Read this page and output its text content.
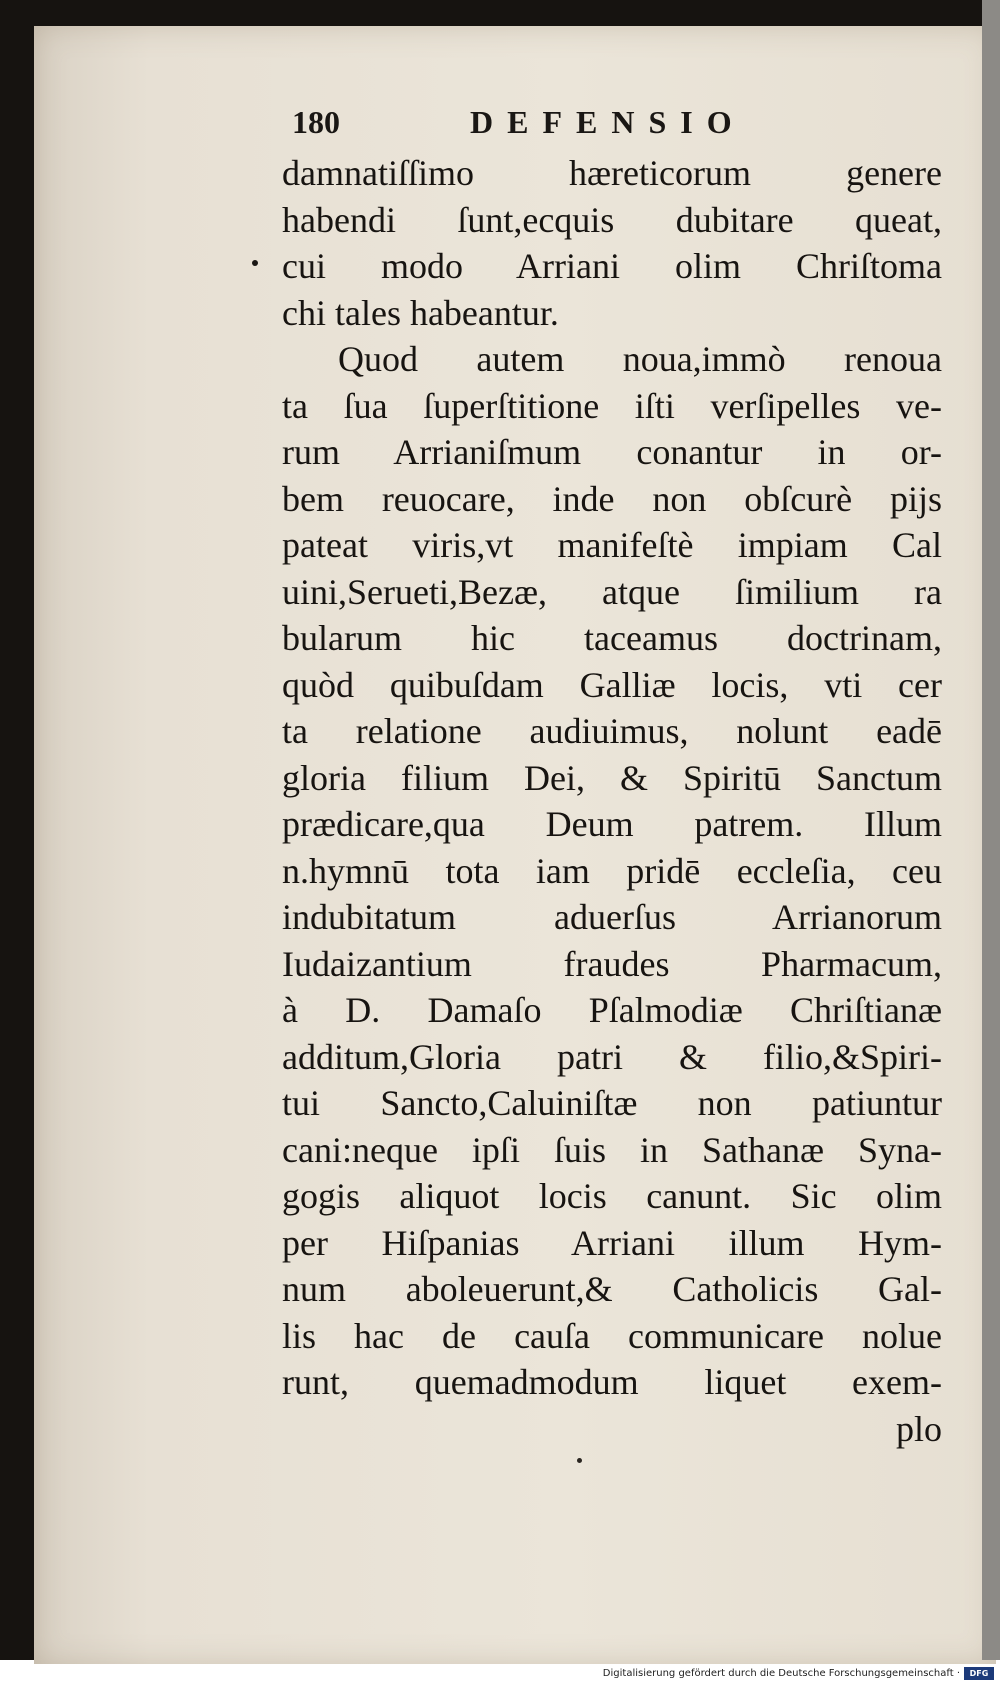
180	DEFENSIO
damnatiſſimo hæreticorum genere
habendi ſunt,ecquis dubitare queat,
cui modo Arriani olim Chriſtoma
chi tales habeantur.
Quod autem noua,immò renoua
ta ſua ſuperſtitione iſti verſipelles ve-
rum Arrianiſmum conantur in or-
bem reuocare, inde non obſcurè pijs
pateat viris,vt manifeſtè impiam Cal
uini,Serueti,Bezæ, atque ſimilium ra
bularum hic taceamus doctrinam,
quòd quibuſdam Galliæ locis, vti cer
ta relatione audiuimus, nolunt eadē
gloria filium Dei, & Spiritū Sanctum
prædicare,qua Deum patrem. Illum
n.hymnū tota iam pridē eccleſia, ceu
indubitatum aduerſus Arrianorum
Iudaizantium fraudes Pharmacum,
à D. Damaſo Pſalmodiæ Chriſtianæ
additum,Gloria patri & filio,&Spiri-
tui Sancto,Caluiniſtæ non patiuntur
cani:neque ipſi ſuis in Sathanæ Syna-
gogis aliquot locis canunt. Sic olim
per Hiſpanias Arriani illum Hym-
num aboleuerunt,& Catholicis Gal-
lis hac de cauſa communicare nolue
runt, quemadmodum liquet exem-
plo
Digitalisierung gefördert durch die Deutsche Forschungsgemeinschaft ·	DFG
